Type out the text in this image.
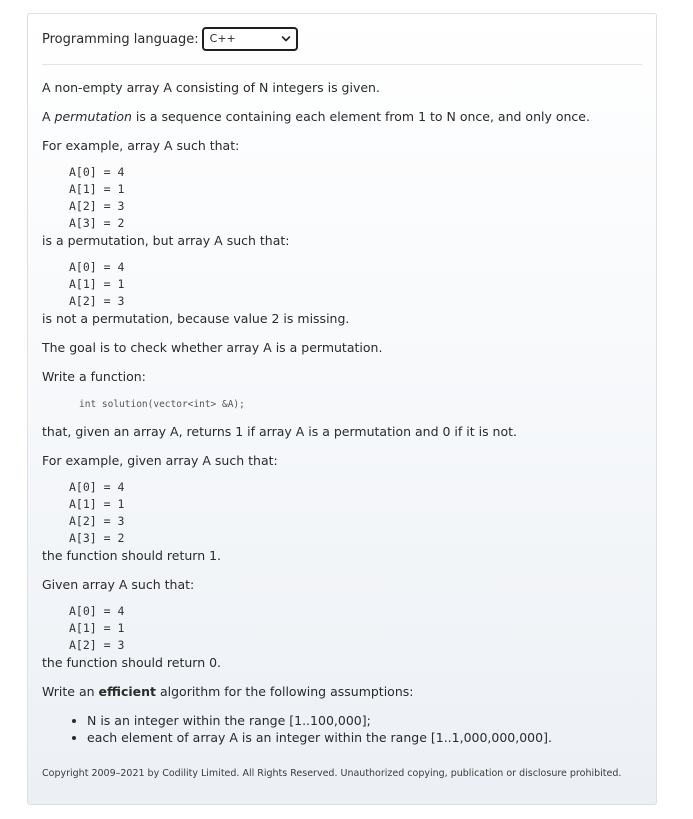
Programming language:	C++

A non-empty array A consisting of N integers is given.

A permutation is a sequence containing each element from 1 to N once, and only once.

For example, array A such that:

A[0] = 4
A[1] = 1
A[2] = 3
A[3] = 2

is a permutation, but array A such that:

A[0] = 4
A[1] = 1
A[2] = 3

is not a permutation, because value 2 is missing.

The goal is to check whether array A is a permutation.

Write a function:

int solution(vector<int> &A);

that, given an array A, returns 1 if array A is a permutation and 0 if it is not.

For example, given array A such that:

A[0] = 4
A[1] = 1
A[2] = 3
A[3] = 2

the function should return 1.

Given array A such that:

A[0] = 4
A[1] = 1
A[2] = 3

the function should return 0.

Write an efficient algorithm for the following assumptions:

• N is an integer within the range [1..100,000];
• each element of array A is an integer within the range [1..1,000,000,000].

Copyright 2009–2021 by Codility Limited. All Rights Reserved. Unauthorized copying, publication or disclosure prohibited.
